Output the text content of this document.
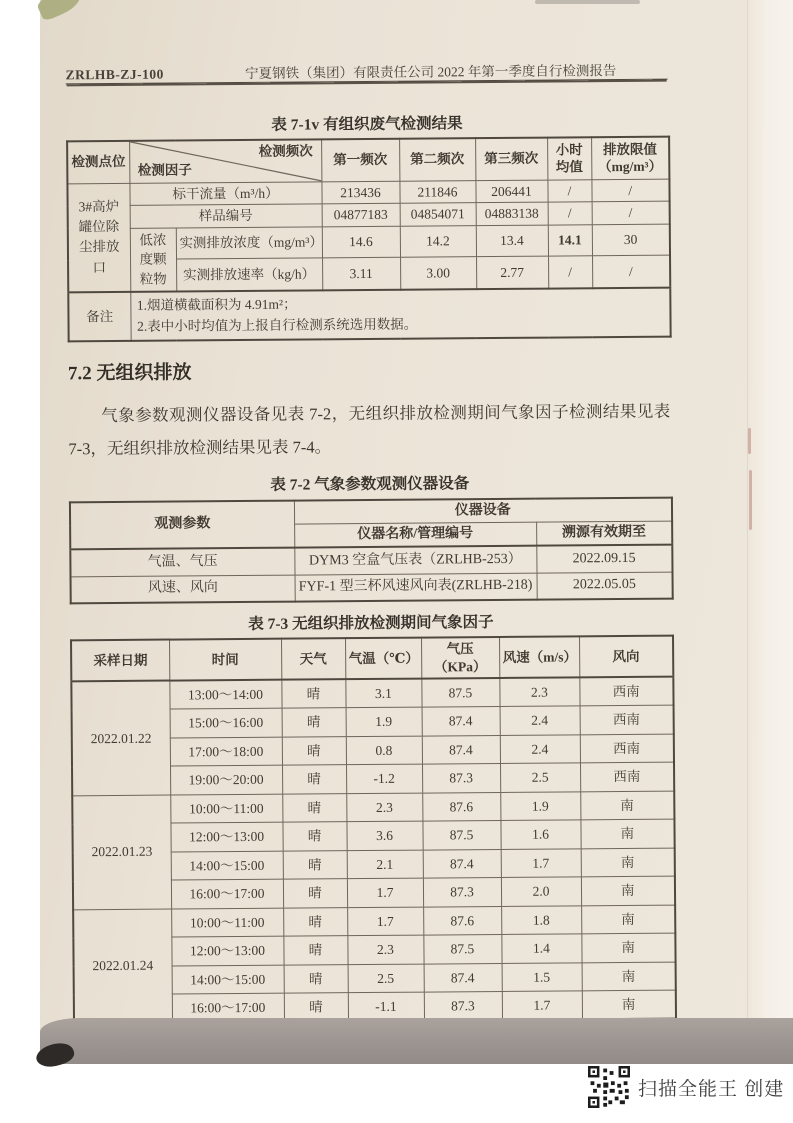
ZRLHB-ZJ-100	宁夏钢铁（集团）有限责任公司 2022 年第一季度自行检测报告
表 7-1v 有组织废气检测结果
检测点位	检测频次
检测因子		第一频次	第二频次	第三频次	小时均值	排放限值（mg/m³）
3#高炉罐位除尘排放口	标干流量（m³/h）		213436	211846	206441	/	/
	样品编号		04877183	04854071	04883138	/	/
	低浓度颗粒物	实测排放浓度（mg/m³）	14.6	14.2	13.4	14.1	30
		实测排放速率（kg/h）	3.11	3.00	2.77	/	/
备注	1.烟道横截面积为 4.91m²；
2.表中小时均值为上报自行检测系统选用数据。						
7.2 无组织排放
气象参数观测仪器设备见表 7-2，无组织排放检测期间气象因子检测结果见表 7-3，无组织排放检测结果见表 7-4。
表 7-2 气象参数观测仪器设备
观测参数	仪器设备	
	仪器名称/管理编号	溯源有效期至
气温、气压	DYM3 空盒气压表（ZRLHB-253）	2022.09.15
风速、风向	FYF-1 型三杯风速风向表(ZRLHB-218)	2022.05.05
表 7-3 无组织排放检测期间气象因子
采样日期	时间	天气	气温（℃）	气压（KPa）	风速（m/s）	风向
2022.01.22	13:00～14:00	晴	3.1	87.5	2.3	西南
	15:00～16:00	晴	1.9	87.4	2.4	西南
	17:00～18:00	晴	0.8	87.4	2.4	西南
	19:00～20:00	晴	-1.2	87.3	2.5	西南
2022.01.23	10:00～11:00	晴	2.3	87.6	1.9	南
	12:00～13:00	晴	3.6	87.5	1.6	南
	14:00～15:00	晴	2.1	87.4	1.7	南
	16:00～17:00	晴	1.7	87.3	2.0	南
2022.01.24	10:00～11:00	晴	1.7	87.6	1.8	南
	12:00～13:00	晴	2.3	87.5	1.4	南
	14:00～15:00	晴	2.5	87.4	1.5	南
	16:00～17:00	晴	-1.1	87.3	1.7	南
扫描全能王 创建
